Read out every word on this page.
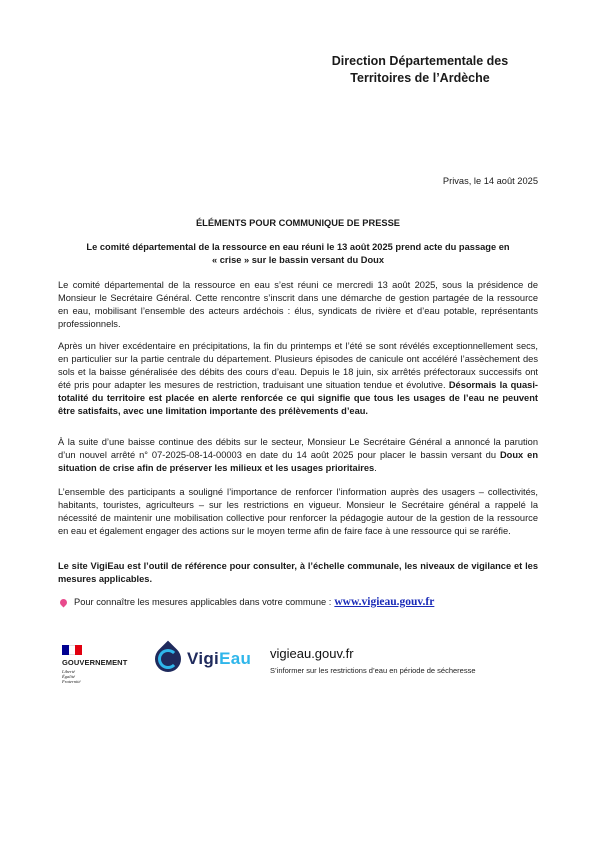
Direction Départementale des
Territoires de l’Ardèche
Privas, le 14 août 2025
ÉLÉMENTS POUR COMMUNIQUE DE PRESSE
Le comité départemental de la ressource en eau réuni le 13 août 2025 prend acte du passage en
« crise » sur le bassin versant du Doux
Le comité départemental de la ressource en eau s’est réuni ce mercredi 13 août 2025, sous la présidence de Monsieur le Secrétaire Général. Cette rencontre s’inscrit dans une démarche de gestion partagée de la ressource en eau, mobilisant l’ensemble des acteurs ardéchois : élus, syndicats de rivière et d’eau potable, représentants professionnels.
Après un hiver excédentaire en précipitations, la fin du printemps et l’été se sont révélés exceptionnellement secs, en particulier sur la partie centrale du département. Plusieurs épisodes de canicule ont accéléré l’assèchement des sols et la baisse généralisée des débits des cours d’eau. Depuis le 18 juin, six arrêtés préfectoraux successifs ont été pris pour adapter les mesures de restriction, traduisant une situation tendue et évolutive. Désormais la quasi-totalité du territoire est placée en alerte renforcée ce qui signifie que tous les usages de l’eau ne peuvent être satisfaits, avec une limitation importante des prélèvements d’eau.
À la suite d’une baisse continue des débits sur le secteur, Monsieur Le Secrétaire Général a annoncé la parution d’un nouvel arrêté n° 07-2025-08-14-00003 en date du 14 août 2025 pour placer le bassin versant du Doux en situation de crise afin de préserver les milieux et les usages prioritaires.
L’ensemble des participants a souligné l’importance de renforcer l’information auprès des usagers – collectivités, habitants, touristes, agriculteurs – sur les restrictions en vigueur. Monsieur le Secrétaire général a rappelé la nécessité de maintenir une mobilisation collective pour renforcer la pédagogie autour de la gestion de la ressource en eau et également engager des actions sur le moyen terme afin de faire face à une ressource qui se raréfie.
Le site VigiEau est l’outil de référence pour consulter, à l’échelle communale, les niveaux de vigilance et les mesures applicables.
Pour connaître les mesures applicables dans votre commune : www.vigieau.gouv.fr
GOUVERNEMENT
Liberté
Égalité
Fraternité
VigiEau vigieau.gouv.fr
S’informer sur les restrictions d’eau en période de sécheresse
